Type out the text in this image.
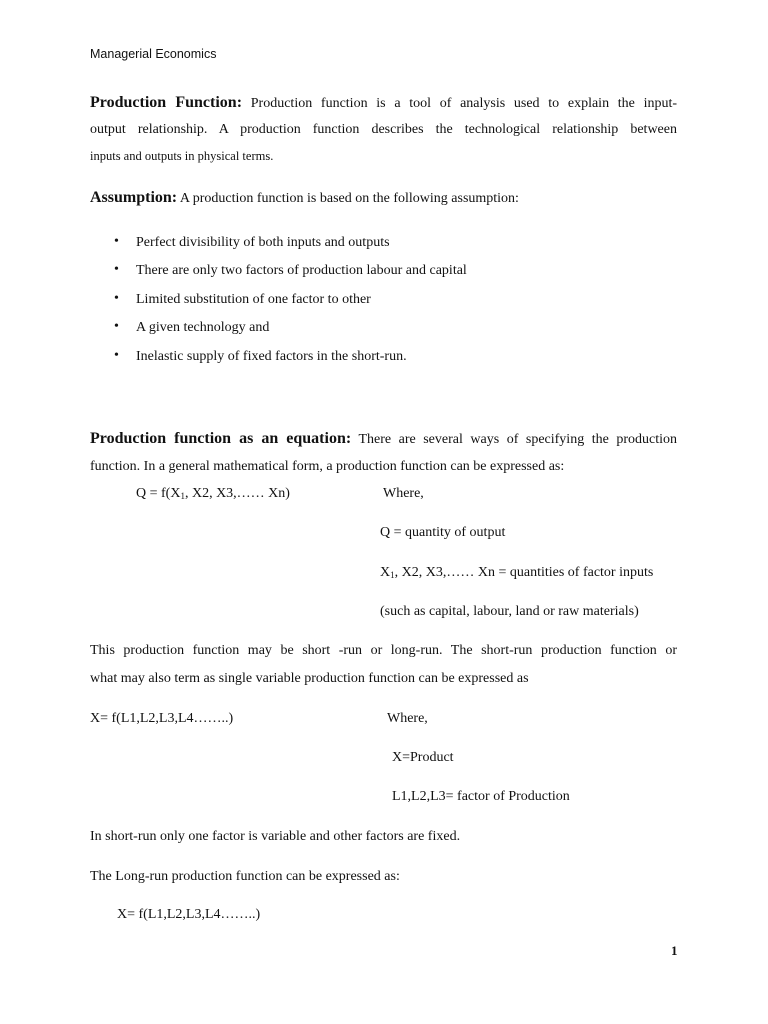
Managerial Economics
Production Function: Production function is a tool of analysis used to explain the input-
output relationship. A production function describes the technological relationship between
inputs and outputs in physical terms.
Assumption: A production function is based on the following assumption:
• Perfect divisibility of both inputs and outputs
• There are only two factors of production labour and capital
• Limited substitution of one factor to other
• A given technology and
• Inelastic supply of fixed factors in the short-run.
Production function as an equation: There are several ways of specifying the production
function. In a general mathematical form, a production function can be expressed as:
$Q = f(X_1$, X2, X3,…… Xn)	Where,
Q = quantity of output
$X_1$, X2, X3,…… Xn = quantities of factor inputs
(such as capital, labour, land or raw materials)
This production function may be short -run or long-run. The short-run production function or
what may also term as single variable production function can be expressed as
X= f(L1,L2,L3,L4……..)	Where,
X=Product
L1,L2,L3= factor of Production
In short-run only one factor is variable and other factors are fixed.
The Long-run production function can be expressed as:
X= f(L1,L2,L3,L4……..)
1
